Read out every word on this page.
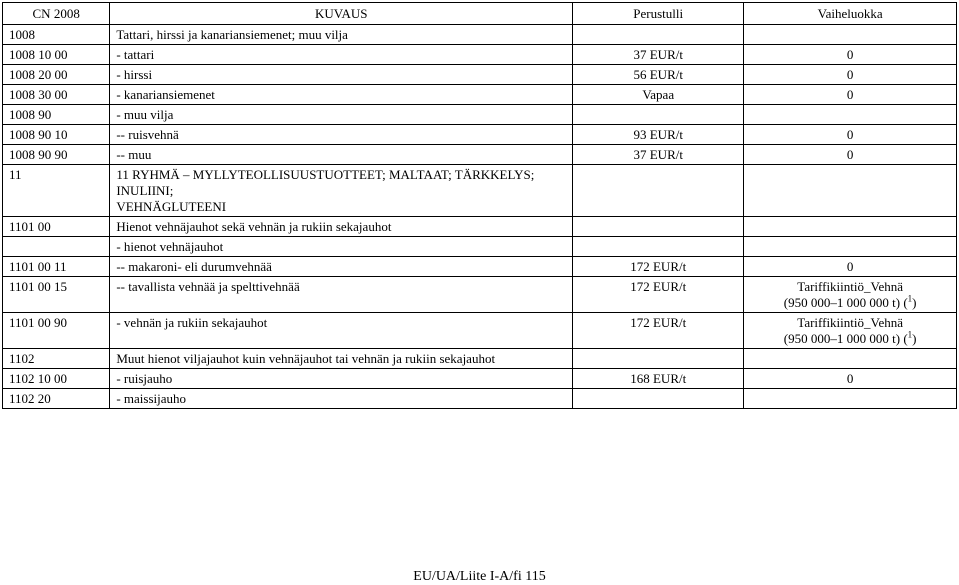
CN 2008	KUVAUS	Perustulli	Vaiheluokka
1008	Tattari, hirssi ja kanariansiemenet; muu vilja		
1008 10 00	- tattari	37 EUR/t	0
1008 20 00	- hirssi	56 EUR/t	0
1008 30 00	- kanariansiemenet	Vapaa	0
1008 90	- muu vilja		
1008 90 10	-- ruisvehnä	93 EUR/t	0
1008 90 90	-- muu	37 EUR/t	0
11	11 RYHMÄ – MYLLYTEOLLISUUSTUOTTEET; MALTAAT; TÄRKKELYS; INULIINI;
VEHNÄGLUTEENI		

1101 00	Hienot vehnäjauhot sekä vehnän ja rukiin sekajauhot		
	- hienot vehnäjauhot		
1101 00 11	-- makaroni- eli durumvehnää	172 EUR/t	0
1101 00 15	-- tavallista vehnää ja spelttivehnää	172 EUR/t	Tariffikiintiö_Vehnä
(950 000–1 000 000 t) ($^1$)

1101 00 90	- vehnän ja rukiin sekajauhot	172 EUR/t	Tariffikiintiö_Vehnä
(950 000–1 000 000 t) ($^1$)

1102	Muut hienot viljajauhot kuin vehnäjauhot tai vehnän ja rukiin sekajauhot		
1102 10 00	- ruisjauho	168 EUR/t	0
1102 20	- maissijauho		
EU/UA/Liite I-A/fi 115
